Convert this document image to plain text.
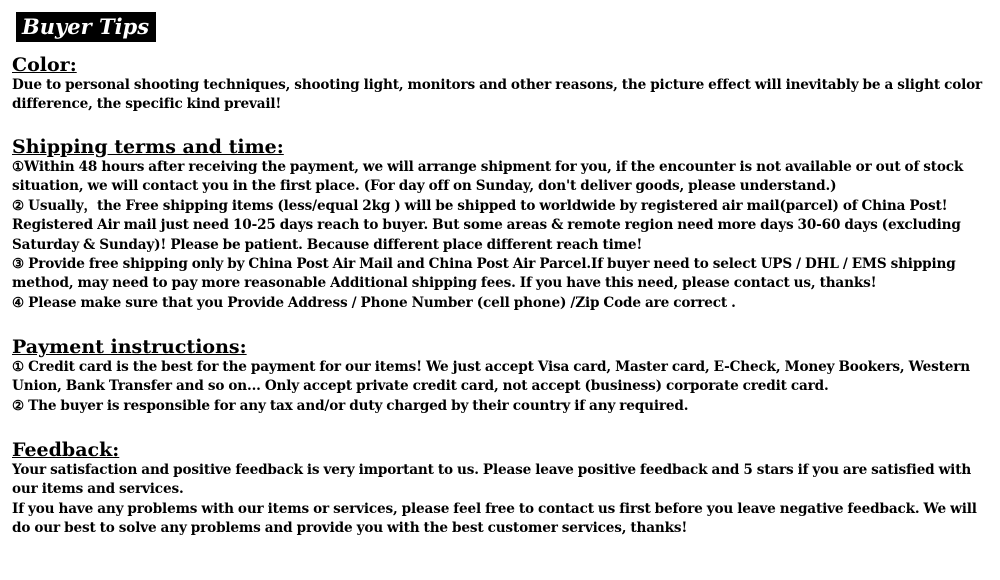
Buyer Tips

Color:

Due to personal shooting techniques, shooting light, monitors and other reasons, the picture effect will inevitably be a slight color difference, the specific kind prevail!

Shipping terms and time:

①Within 48 hours after receiving the payment, we will arrange shipment for you, if the encounter is not available or out of stock situation, we will contact you in the first place. (For day off on Sunday, don't deliver goods, please understand.)

② Usually，the Free shipping items (less/equal 2kg ) will be shipped to worldwide by registered air mail(parcel) of China Post! Registered Air mail just need 10-25 days reach to buyer. But some areas & remote region need more days 30-60 days (excluding Saturday & Sunday)! Please be patient. Because different place different reach time!

③ Provide free shipping only by China Post Air Mail and China Post Air Parcel.If buyer need to select UPS / DHL / EMS shipping method, may need to pay more reasonable Additional shipping fees. If you have this need, please contact us, thanks!

④ Please make sure that you Provide Address / Phone Number (cell phone) /Zip Code are correct .

Payment instructions:

① Credit card is the best for the payment for our items! We just accept Visa card, Master card, E-Check, Money Bookers, Western Union, Bank Transfer and so on... Only accept private credit card, not accept (business) corporate credit card.

② The buyer is responsible for any tax and/or duty charged by their country if any required.

Feedback:

Your satisfaction and positive feedback is very important to us. Please leave positive feedback and 5 stars if you are satisfied with our items and services.

If you have any problems with our items or services, please feel free to contact us first before you leave negative feedback. We will do our best to solve any problems and provide you with the best customer services, thanks!
